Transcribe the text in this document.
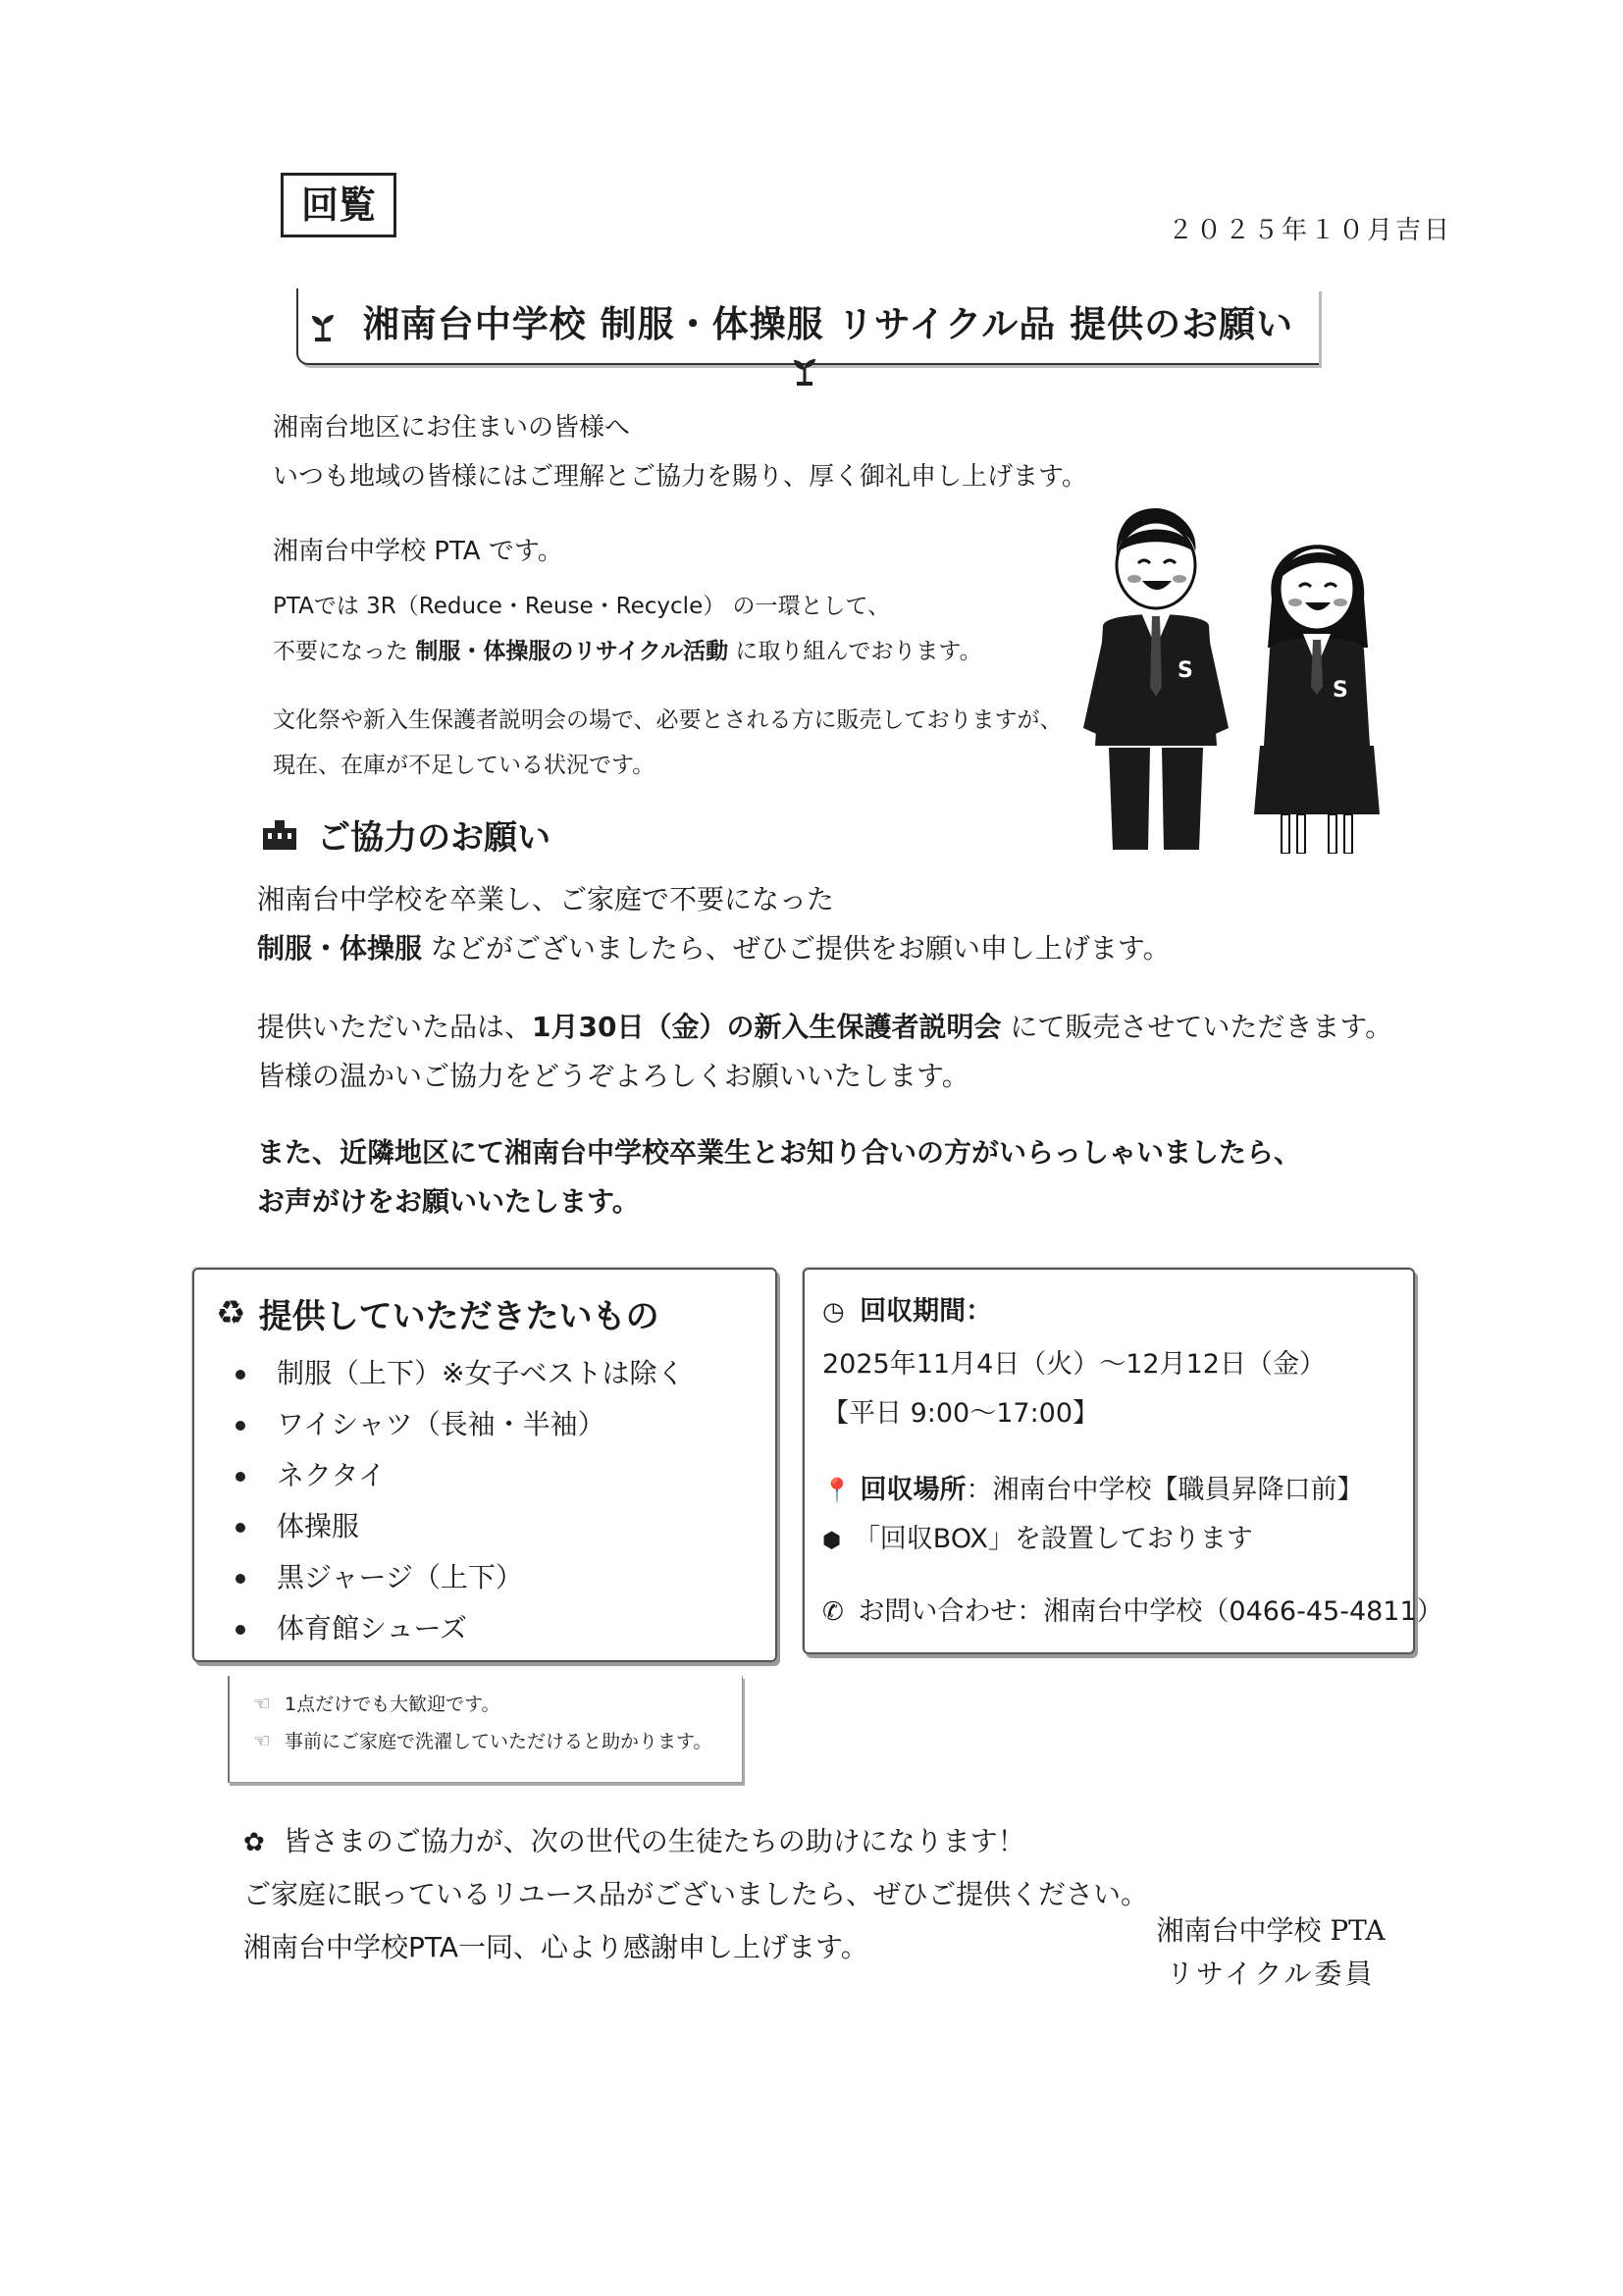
回覧
２０２５年１０月吉日
湘南台中学校 制服・体操服 リサイクル品 提供のお願い
湘南台地区にお住まいの皆様へ
いつも地域の皆様にはご理解とご協力を賜り、厚く御礼申し上げます。
湘南台中学校 PTA です。
PTAでは 3R（Reduce・Reuse・Recycle） の一環として、
不要になった 制服・体操服のリサイクル活動 に取り組んでおります。
文化祭や新入生保護者説明会の場で、必要とされる方に販売しておりますが、
現在、在庫が不足している状況です。
S
S
ご協力のお願い
湘南台中学校を卒業し、ご家庭で不要になった
制服・体操服 などがございましたら、ぜひご提供をお願い申し上げます。
提供いただいた品は、1月30日（金）の新入生保護者説明会 にて販売させていただきます。
皆様の温かいご協力をどうぞよろしくお願いいたします。
また、近隣地区にて湘南台中学校卒業生とお知り合いの方がいらっしゃいましたら、
お声がけをお願いいたします。
♻ 提供していただきたいもの
制服（上下）※女子ベストは除く
ワイシャツ（長袖・半袖）
ネクタイ
体操服
黒ジャージ（上下）
体育館シューズ
☜ 1点だけでも大歓迎です。
☜ 事前にご家庭で洗濯していただけると助かります。
◷ 回収期間：
2025年11月4日（火）～12月12日（金）
【平日 9:00～17:00】
📍 回収場所：湘南台中学校【職員昇降口前】
⬢ 「回収BOX」を設置しております
✆ お問い合わせ：湘南台中学校（0466-45-4811）
✿ 皆さまのご協力が、次の世代の生徒たちの助けになります！
ご家庭に眠っているリユース品がございましたら、ぜひご提供ください。
湘南台中学校PTA一同、心より感謝申し上げます。
湘南台中学校 PTA
リサイクル委員
